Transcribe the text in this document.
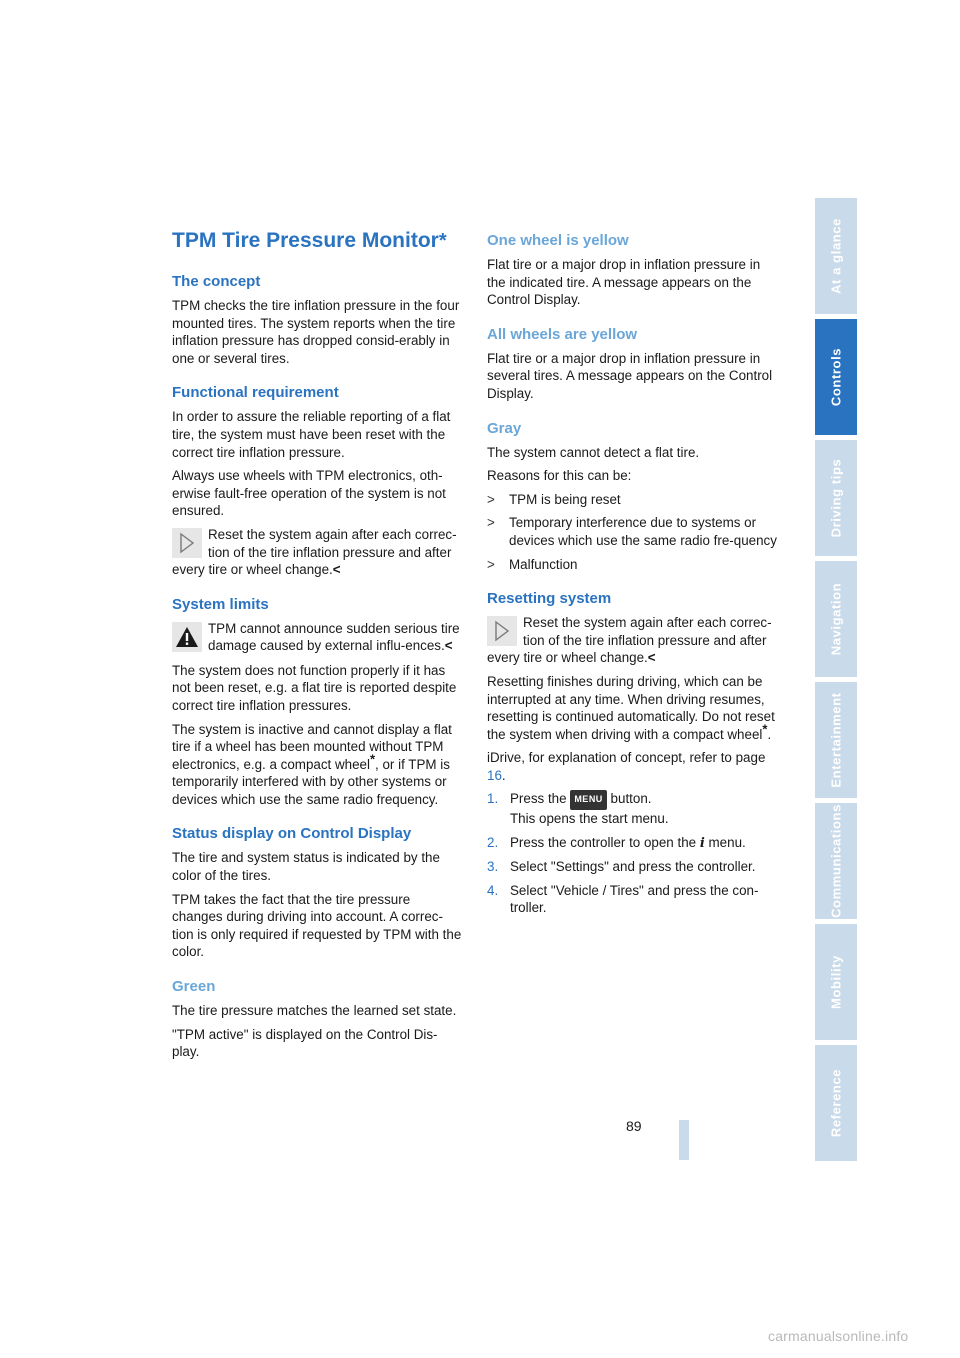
TPM Tire Pressure Monitor*
The concept

TPM checks the tire inflation pressure in the four mounted tires. The system reports when the tire inflation pressure has dropped consid-erably in one or several tires.

Functional requirement

In order to assure the reliable reporting of a flat tire, the system must have been reset with the correct tire inflation pressure.

Always use wheels with TPM electronics, oth-erwise fault-free operation of the system is not ensured.

Reset the system again after each correc-tion of the tire inflation pressure and after every tire or wheel change.<
System limits
TPM cannot announce sudden serious tire damage caused by external influ-ences.<

The system does not function properly if it has not been reset, e.g. a flat tire is reported despite correct tire inflation pressures.

The system is inactive and cannot display a flat tire if a wheel has been mounted without TPM electronics, e.g. a compact wheel*, or if TPM is temporarily interfered with by other systems or devices which use the same radio frequency.

Status display on Control Display

The tire and system status is indicated by the color of the tires.

TPM takes the fact that the tire pressure changes during driving into account. A correc-tion is only required if requested by TPM with the color.

Green

The tire pressure matches the learned set state.

"TPM active" is displayed on the Control Dis-play.

One wheel is yellow

Flat tire or a major drop in inflation pressure in the indicated tire. A message appears on the Control Display.

All wheels are yellow

Flat tire or a major drop in inflation pressure in several tires. A message appears on the Control Display.

Gray

The system cannot detect a flat tire.

Reasons for this can be:

> TPM is being reset
> Temporary interference due to systems or devices which use the same radio fre-quency
> Malfunction
Resetting system
Reset the system again after each correc-tion of the tire inflation pressure and after every tire or wheel change.<

Resetting finishes during driving, which can be interrupted at any time. When driving resumes, resetting is continued automatically. Do not reset the system when driving with a compact wheel*.

iDrive, for explanation of concept, refer to page 16.

1. Press the MENU button.
This opens the start menu.
2. Press the controller to open the i menu.
3. Select "Settings" and press the controller.
4. Select "Vehicle / Tires" and press the con-troller.
At a glance
Controls
Driving tips
Navigation
Entertainment
Communications
Mobility
Reference
89
carmanualsonline.info
